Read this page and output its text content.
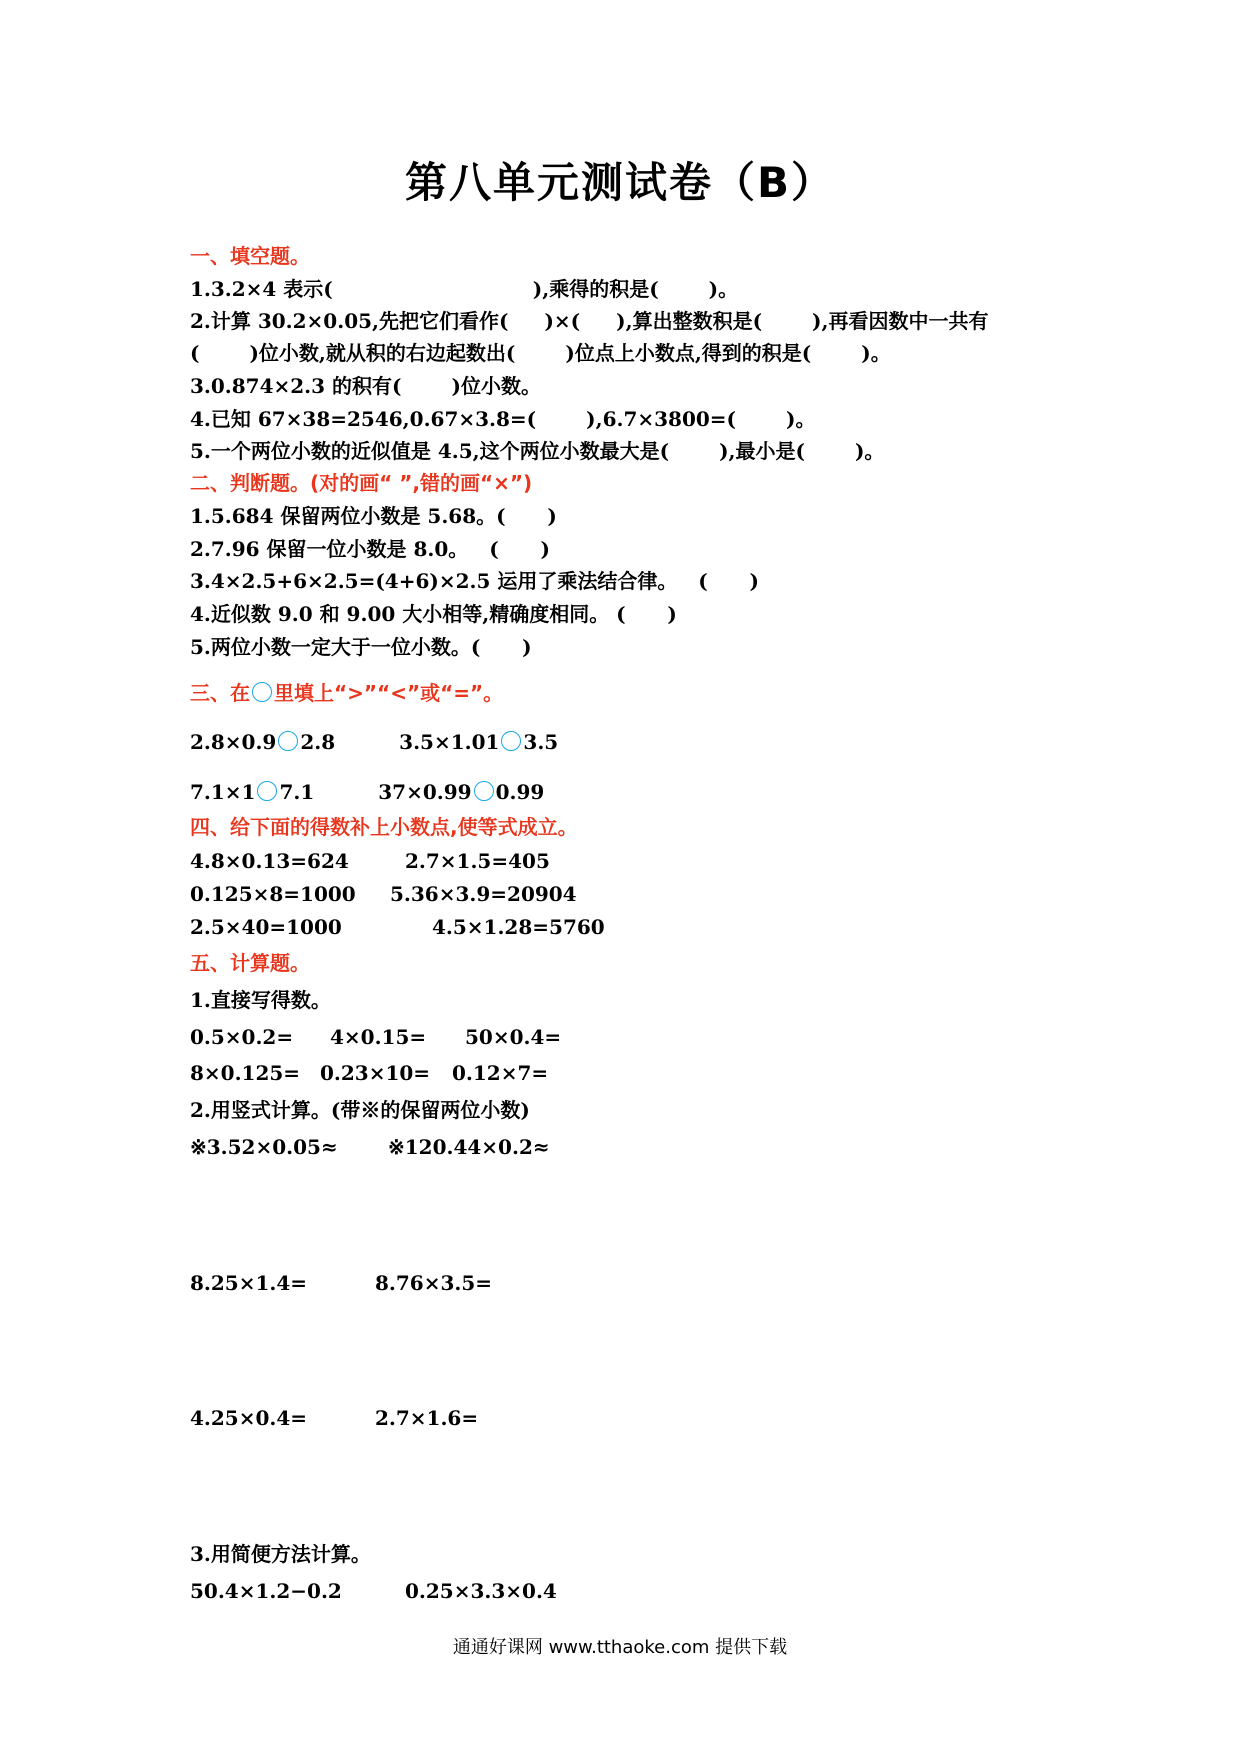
第八单元测试卷（B）
一、填空题。
1.3.2×4 表示(	),乘得的积是(	)。
2.计算 30.2×0.05,先把它们看作( )×( ),算出整数积是(	),再看因数中一共有
(	)位小数,就从积的右边起数出(	)位点上小数点,得到的积是(	)。
3.0.874×2.3 的积有(	)位小数。
4.已知 67×38=2546,0.67×3.8=(	),6.7×3800=(	)。
5.一个两位小数的近似值是 4.5,这个两位小数最大是(	),最小是(	)。
二、判断题。(对的画“ ”,错的画“×”)
1.5.684 保留两位小数是 5.68。(      )
2.7.96 保留一位小数是 8.0。   (      )
3.4×2.5+6×2.5=(4+6)×2.5 运用了乘法结合律。   (      )
4.近似数 9.0 和 9.00 大小相等,精确度相同。 (      )
5.两位小数一定大于一位小数。(      )
三、在 里填上“>”“<”或“=”。
2.8×0.9 2.8	3.5×1.01 3.5
7.1×1 7.1	37×0.99 0.99
四、给下面的得数补上小数点,使等式成立。
4.8×0.13=624	2.7×1.5=405
0.125×8=1000 5.36×3.9=20904
2.5×40=1000	4.5×1.28=5760
五、计算题。
1.直接写得数。
0.5×0.2= 4×0.15= 50×0.4=
8×0.125= 0.23×10= 0.12×7=
2.用竖式计算。(带※的保留两位小数)
※3.52×0.05≈	※120.44×0.2≈
8.25×1.4=	8.76×3.5=
4.25×0.4=	2.7×1.6=
3.用简便方法计算。
50.4×1.2−0.2	0.25×3.3×0.4
通通好课网 www.tthaoke.com 提供下载
